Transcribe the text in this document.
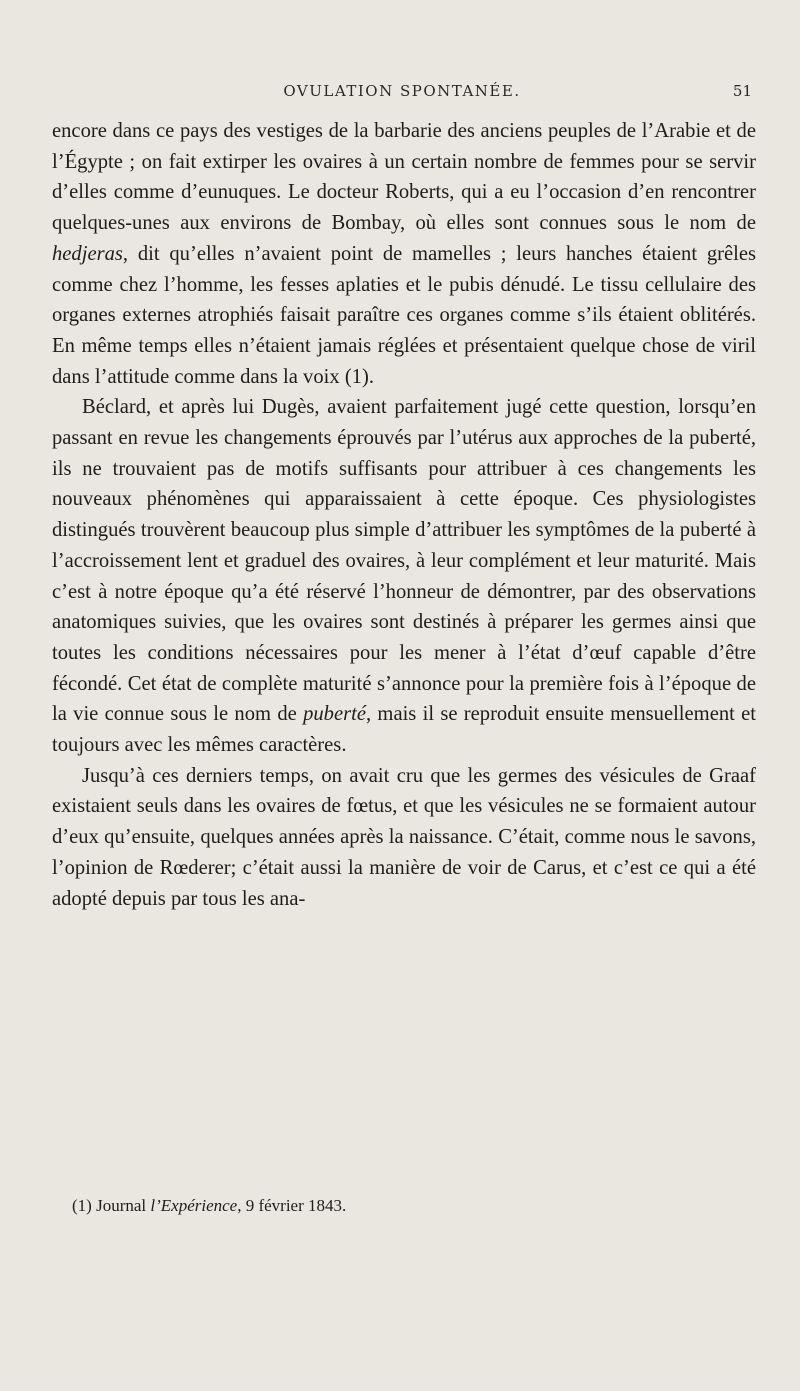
OVULATION SPONTANÉE.	51

encore dans ce pays des vestiges de la barbarie des anciens peuples de l’Arabie et de l’Égypte ; on fait extirper les ovaires à un certain nombre de femmes pour se servir d’elles comme d’eunuques. Le docteur Roberts, qui a eu l’occasion d’en rencontrer quelques-unes aux environs de Bombay, où elles sont connues sous le nom de hedjeras, dit qu’elles n’avaient point de mamelles ; leurs hanches étaient grêles comme chez l’homme, les fesses aplaties et le pubis dénudé. Le tissu cellulaire des organes externes atrophiés faisait paraître ces organes comme s’ils étaient oblitérés. En même temps elles n’étaient jamais réglées et présentaient quelque chose de viril dans l’attitude comme dans la voix (1).

Béclard, et après lui Dugès, avaient parfaitement jugé cette question, lorsqu’en passant en revue les changements éprouvés par l’utérus aux approches de la puberté, ils ne trouvaient pas de motifs suffisants pour attribuer à ces changements les nouveaux phénomènes qui apparaissaient à cette époque. Ces physiologistes distingués trouvèrent beaucoup plus simple d’attribuer les symptômes de la puberté à l’accroissement lent et graduel des ovaires, à leur complément et leur maturité. Mais c’est à notre époque qu’a été réservé l’honneur de démontrer, par des observations anatomiques suivies, que les ovaires sont destinés à préparer les germes ainsi que toutes les conditions nécessaires pour les mener à l’état d’œuf capable d’être fécondé. Cet état de complète maturité s’annonce pour la première fois à l’époque de la vie connue sous le nom de puberté, mais il se reproduit ensuite mensuellement et toujours avec les mêmes caractères.

Jusqu’à ces derniers temps, on avait cru que les germes des vésicules de Graaf existaient seuls dans les ovaires de fœtus, et que les vésicules ne se formaient autour d’eux qu’ensuite, quelques années après la naissance. C’était, comme nous le savons, l’opinion de Rœderer; c’était aussi la manière de voir de Carus, et c’est ce qui a été adopté depuis par tous les ana-

(1) Journal l’Expérience, 9 février 1843.
